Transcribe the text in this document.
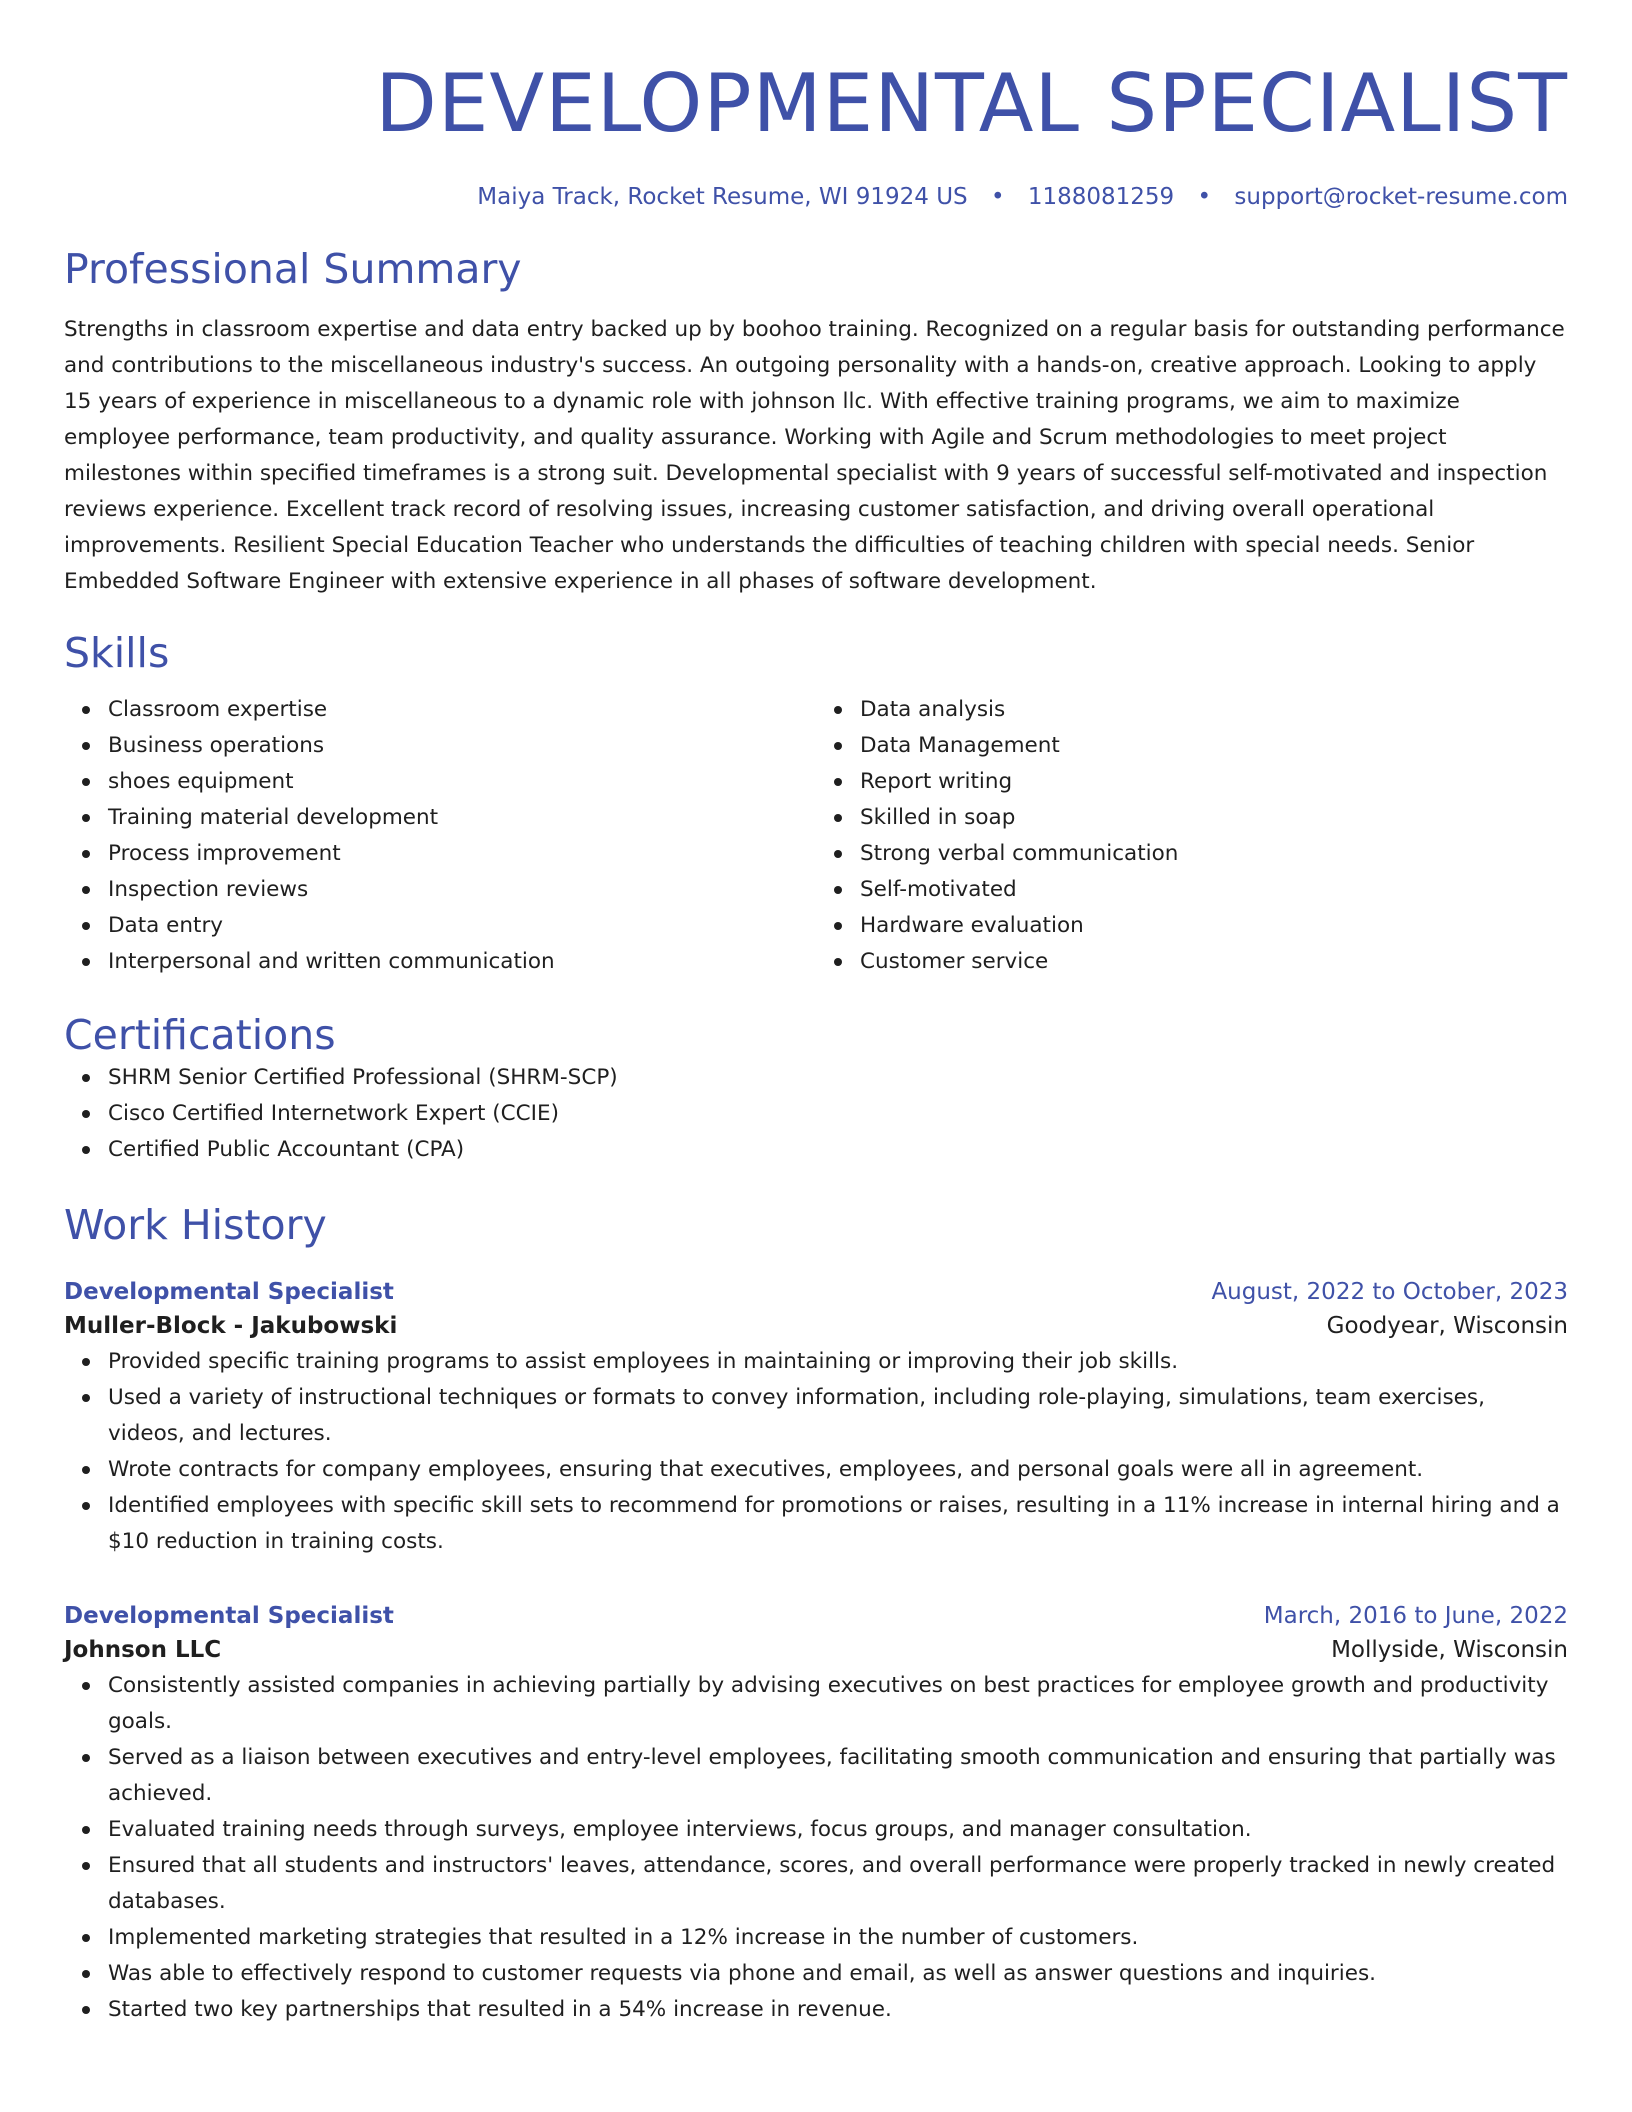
DEVELOPMENTAL SPECIALIST
Maiya Track, Rocket Resume, WI 91924 US • 1188081259 • support@rocket-resume.com
Professional Summary

Strengths in classroom expertise and data entry backed up by boohoo training. Recognized on a regular basis for outstanding performance and contributions to the miscellaneous industry's success. An outgoing personality with a hands-on, creative approach. Looking to apply 15 years of experience in miscellaneous to a dynamic role with johnson llc. With effective training programs, we aim to maximize employee performance, team productivity, and quality assurance. Working with Agile and Scrum methodologies to meet project milestones within specified timeframes is a strong suit. Developmental specialist with 9 years of successful self-motivated and inspection reviews experience. Excellent track record of resolving issues, increasing customer satisfaction, and driving overall operational improvements. Resilient Special Education Teacher who understands the difficulties of teaching children with special needs. Senior Embedded Software Engineer with extensive experience in all phases of software development.

Skills
Classroom expertise
Business operations
shoes equipment
Training material development
Process improvement
Inspection reviews
Data entry
Interpersonal and written communication
Data analysis
Data Management
Report writing
Skilled in soap
Strong verbal communication
Self-motivated
Hardware evaluation
Customer service
Certifications
SHRM Senior Certified Professional (SHRM-SCP)
Cisco Certified Internetwork Expert (CCIE)
Certified Public Accountant (CPA)
Work History
Developmental Specialist	August, 2022 to October, 2023
Muller-Block - Jakubowski	Goodyear, Wisconsin
Provided specific training programs to assist employees in maintaining or improving their job skills.
Used a variety of instructional techniques or formats to convey information, including role-playing, simulations, team exercises, videos, and lectures.
Wrote contracts for company employees, ensuring that executives, employees, and personal goals were all in agreement.
Identified employees with specific skill sets to recommend for promotions or raises, resulting in a 11% increase in internal hiring and a $10 reduction in training costs.
Developmental Specialist	March, 2016 to June, 2022
Johnson LLC	Mollyside, Wisconsin
Consistently assisted companies in achieving partially by advising executives on best practices for employee growth and productivity goals.
Served as a liaison between executives and entry-level employees, facilitating smooth communication and ensuring that partially was achieved.
Evaluated training needs through surveys, employee interviews, focus groups, and manager consultation.
Ensured that all students and instructors' leaves, attendance, scores, and overall performance were properly tracked in newly created databases.
Implemented marketing strategies that resulted in a 12% increase in the number of customers.
Was able to effectively respond to customer requests via phone and email, as well as answer questions and inquiries.
Started two key partnerships that resulted in a 54% increase in revenue.
